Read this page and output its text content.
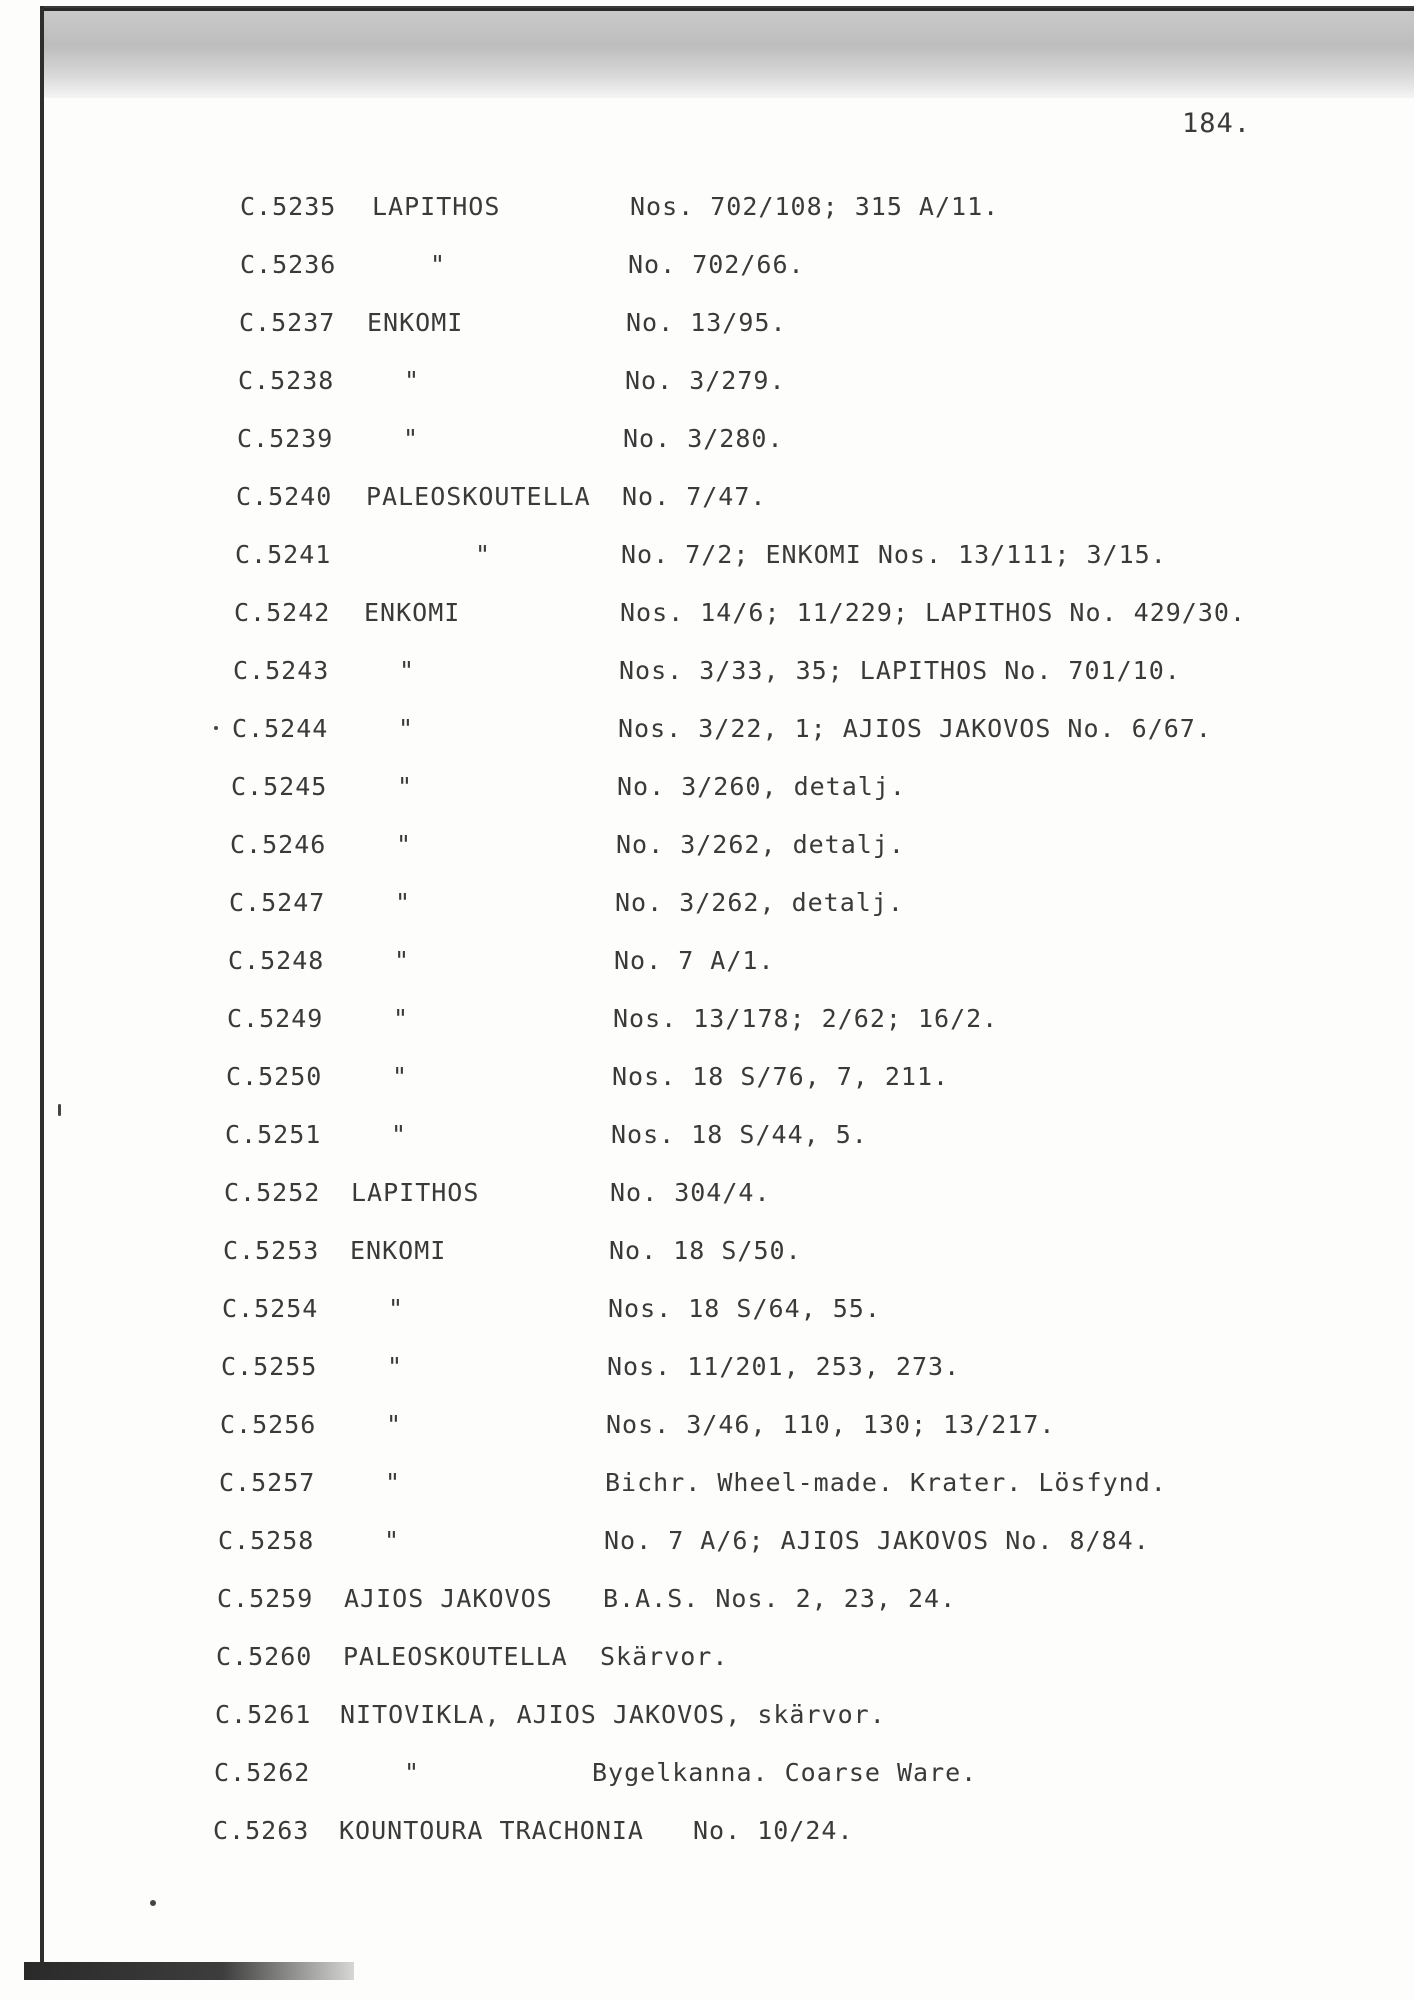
184.
C.5235 LAPITHOS	Nos. 702/108; 315 A/11.
C.5236	"	No. 702/66.
C.5237 ENKOMI	No. 13/95.
C.5238	"	No. 3/279.
C.5239	"	No. 3/280.
C.5240 PALEOSKOUTELLA No. 7/47.
C.5241	"	No. 7/2; ENKOMI Nos. 13/111; 3/15.
C.5242 ENKOMI	Nos. 14/6; 11/229; LAPITHOS No. 429/30.
C.5243	"	Nos. 3/33, 35; LAPITHOS No. 701/10.
C.5244	"	Nos. 3/22, 1; AJIOS JAKOVOS No. 6/67.
C.5245	"	No. 3/260, detalj.
C.5246	"	No. 3/262, detalj.
C.5247	"	No. 3/262, detalj.
C.5248	"	No. 7 A/1.
C.5249	"	Nos. 13/178; 2/62; 16/2.
C.5250	"	Nos. 18 S/76, 7, 211.
C.5251	"	Nos. 18 S/44, 5.
C.5252 LAPITHOS	No. 304/4.
C.5253 ENKOMI	No. 18 S/50.
C.5254	"	Nos. 18 S/64, 55.
C.5255	"	Nos. 11/201, 253, 273.
C.5256	"	Nos. 3/46, 110, 130; 13/217.
C.5257	"	Bichr. Wheel-made. Krater. Lösfynd.
C.5258	"	No. 7 A/6; AJIOS JAKOVOS No. 8/84.
C.5259 AJIOS JAKOVOS B.A.S. Nos. 2, 23, 24.
C.5260 PALEOSKOUTELLA Skärvor.
C.5261 NITOVIKLA, AJIOS JAKOVOS, skärvor.
C.5262	"	Bygelkanna. Coarse Ware.
C.5263 KOUNTOURA TRACHONIA No. 10/24.
